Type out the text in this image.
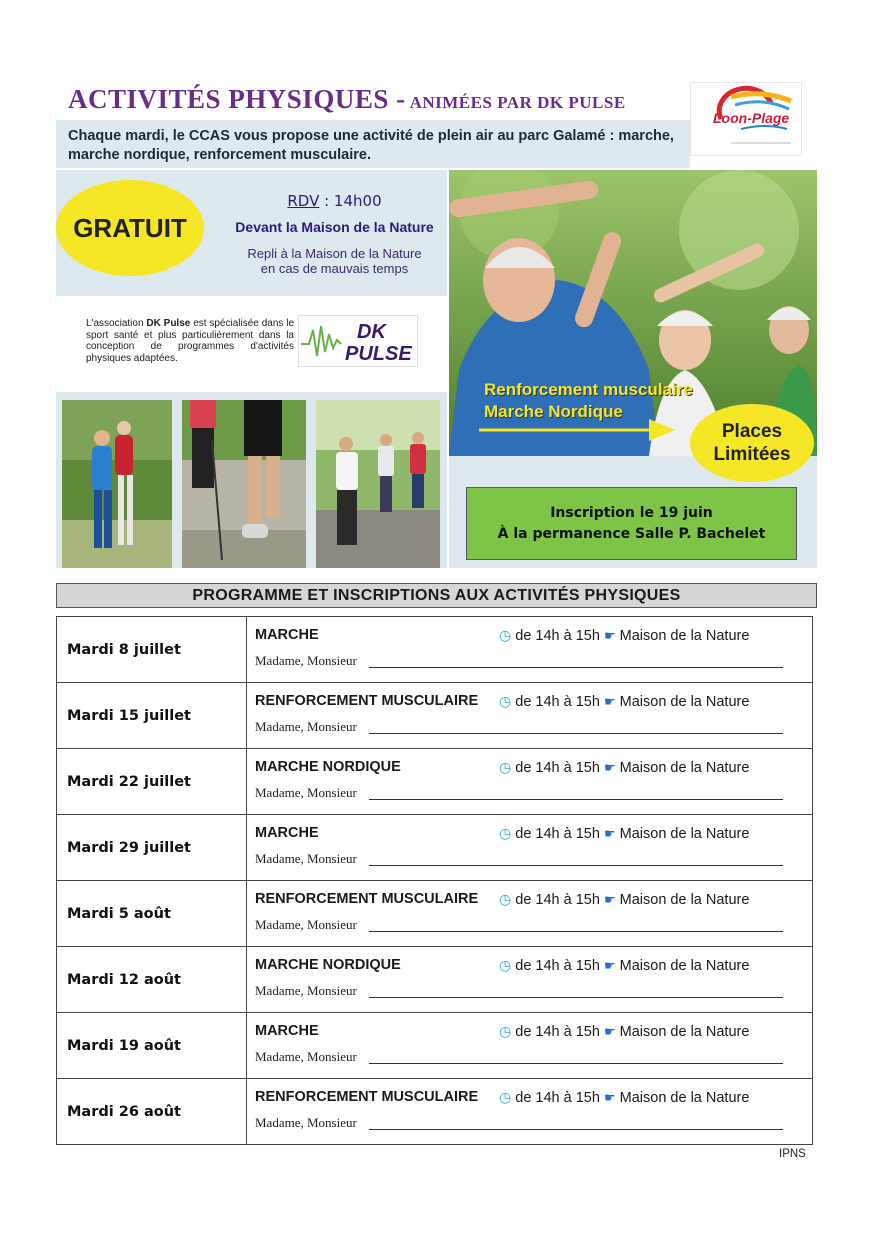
ACTIVITÉS PHYSIQUES - ANIMÉES PAR DK PULSE
Loon-Plage
Chaque mardi, le CCAS vous propose une activité de plein air au parc Galamé : marche, marche nordique, renforcement musculaire.
GRATUIT
RDV : 14h00
Devant la Maison de la Nature
Repli à la Maison de la Nature
en cas de mauvais temps
L'association DK Pulse est spécialisée dans le sport santé et plus particulièrement dans la conception de programmes d'activités physiques adaptées.
DK
PULSE
Renforcement musculaire
Marche Nordique
Places
Limitées
Inscription le 19 juin
À la permanence Salle P. Bachelet
PROGRAMME ET INSCRIPTIONS AUX ACTIVITÉS PHYSIQUES
Mardi 8 juillet	MARCHE ◷ de 14h à 15h ☛ Maison de la Nature
Madame, Monsieur

Mardi 15 juillet	RENFORCEMENT MUSCULAIRE ◷ de 14h à 15h ☛ Maison de la Nature
Madame, Monsieur

Mardi 22 juillet	MARCHE NORDIQUE ◷ de 14h à 15h ☛ Maison de la Nature
Madame, Monsieur

Mardi 29 juillet	MARCHE ◷ de 14h à 15h ☛ Maison de la Nature
Madame, Monsieur

Mardi 5 août	RENFORCEMENT MUSCULAIRE ◷ de 14h à 15h ☛ Maison de la Nature
Madame, Monsieur

Mardi 12 août	MARCHE NORDIQUE ◷ de 14h à 15h ☛ Maison de la Nature
Madame, Monsieur

Mardi 19 août	MARCHE ◷ de 14h à 15h ☛ Maison de la Nature
Madame, Monsieur

Mardi 26 août	RENFORCEMENT MUSCULAIRE ◷ de 14h à 15h ☛ Maison de la Nature
Madame, Monsieur
IPNS
